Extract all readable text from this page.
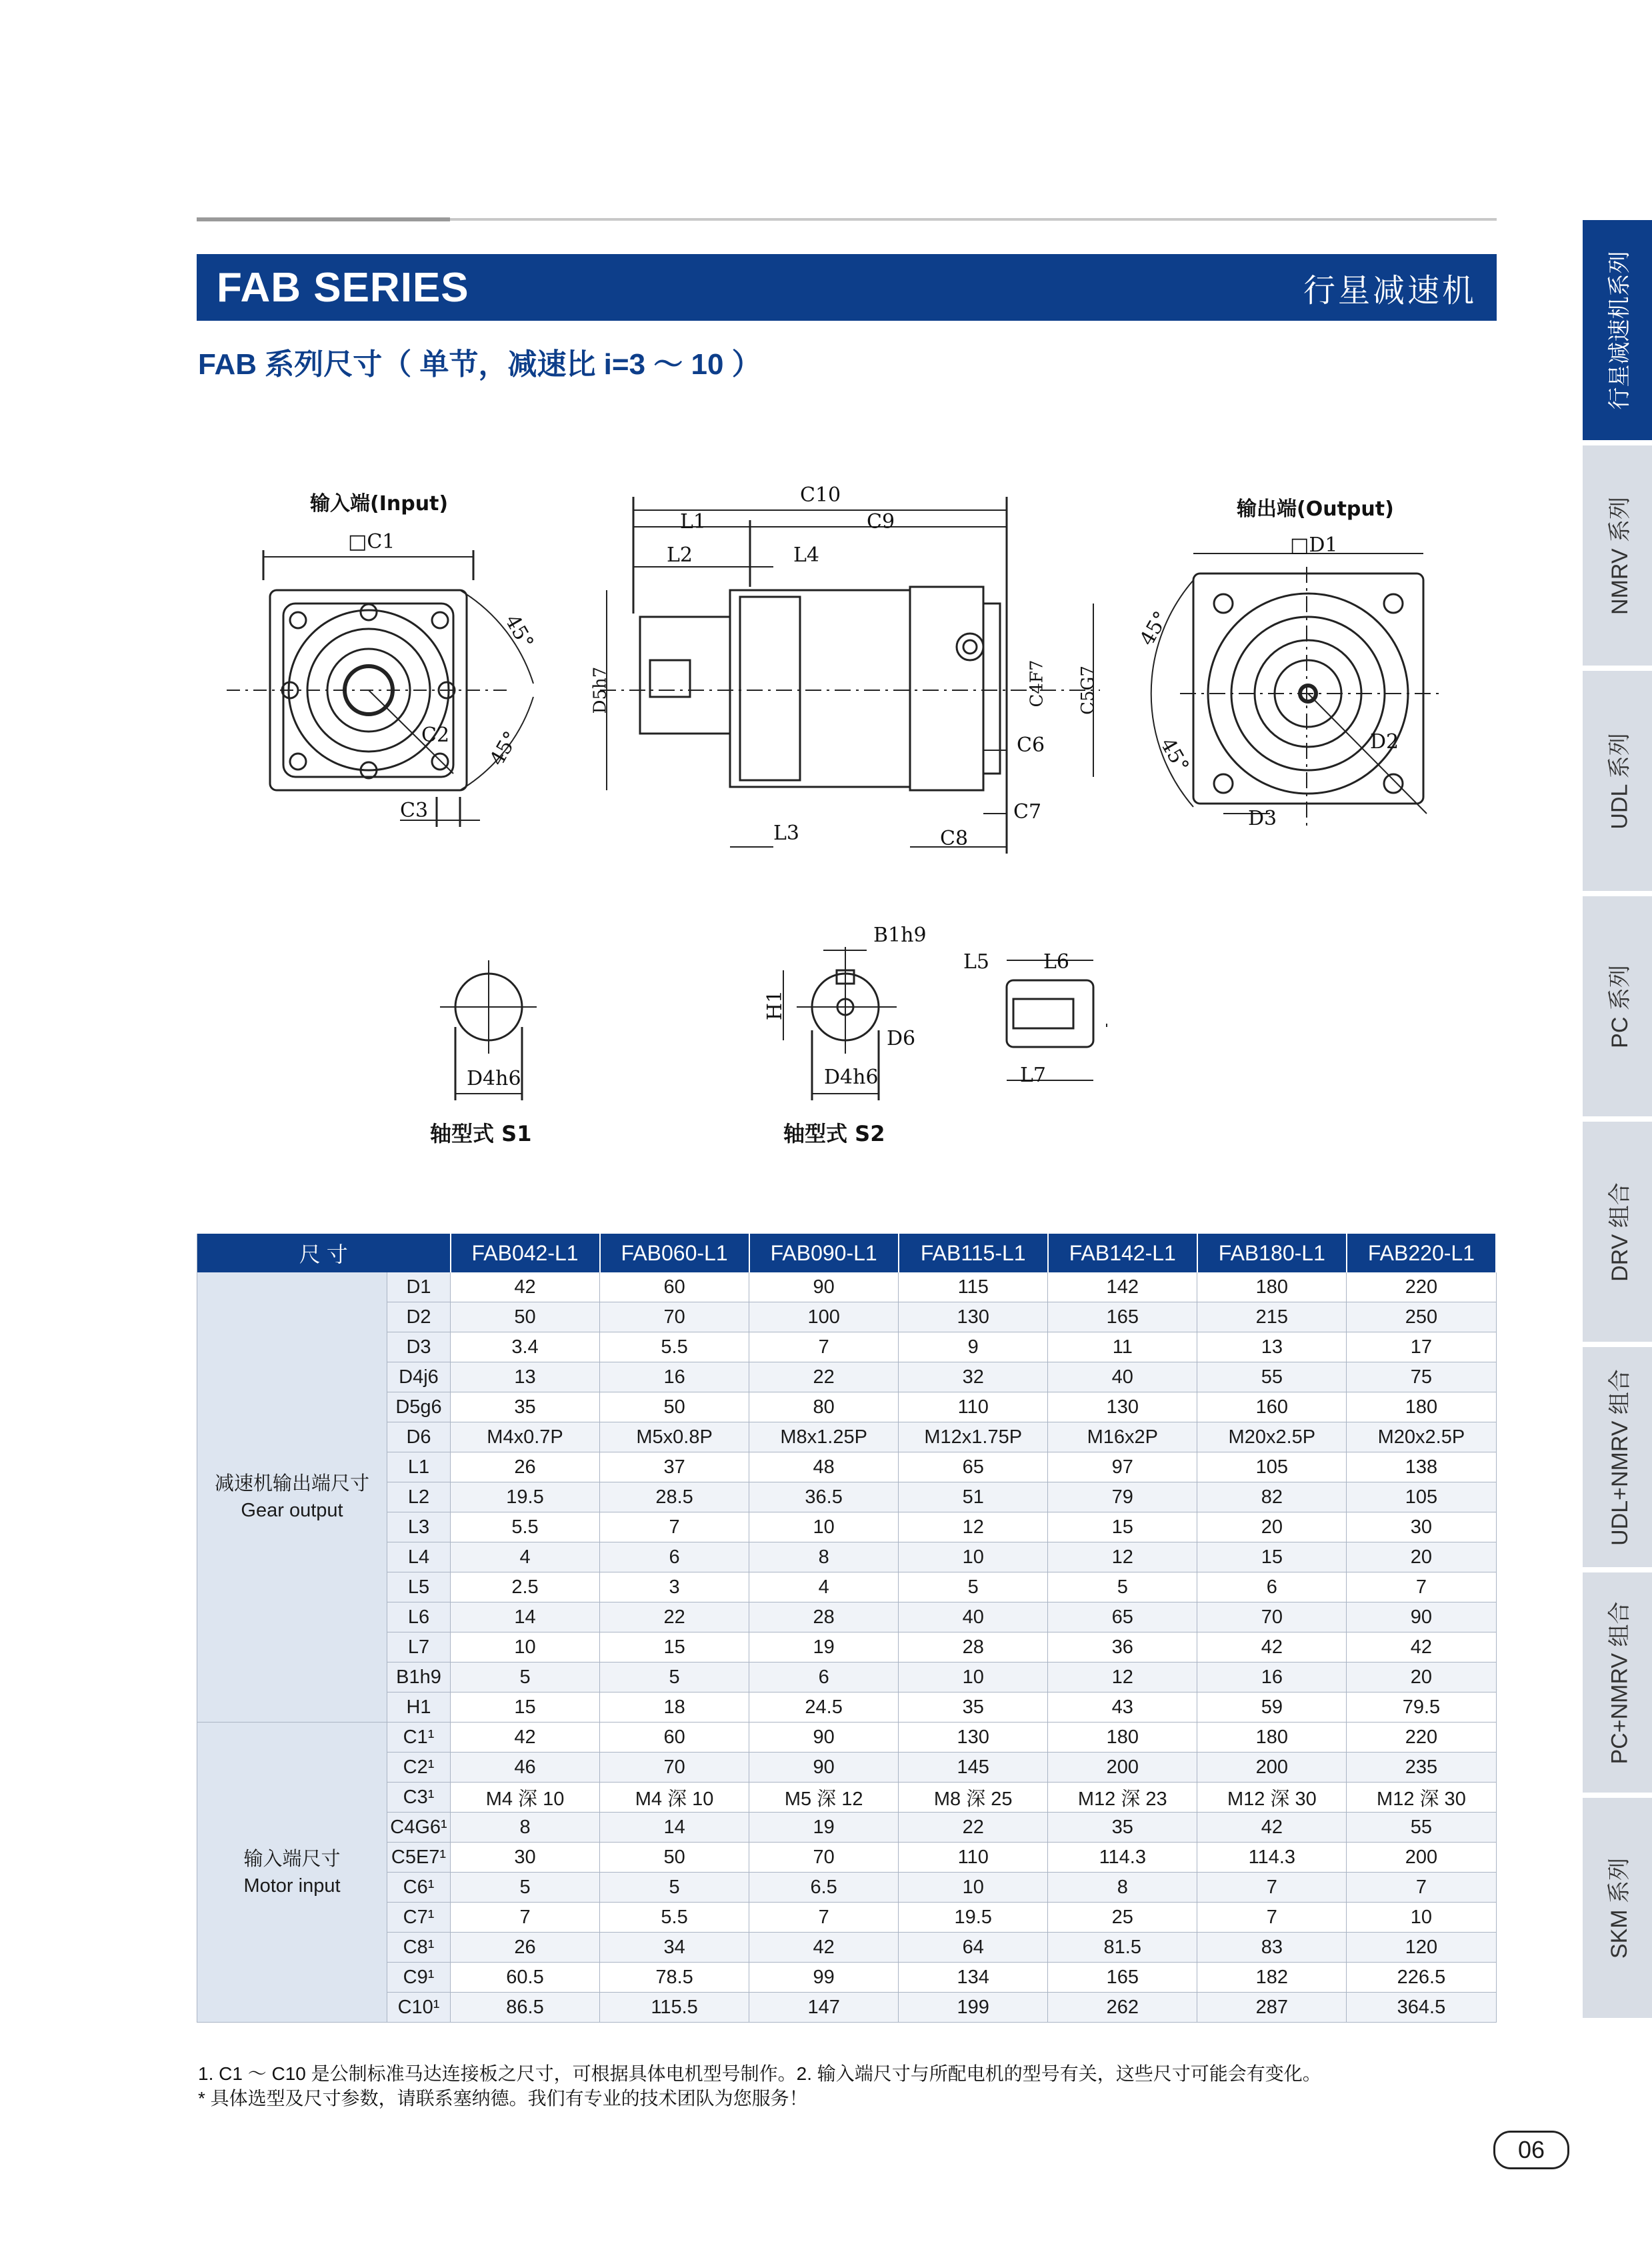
FAB SERIES	行星减速机
FAB 系列尺寸（ 单节，减速比 i=3 ～ 10 ）	行星减速机系列
NMRV 系列
UDL 系列
PC 系列
DRV 组合
UDL+NMRV 组合
PC+NMRV 组合
SKM 系列
输入端(Input)	输出端(Output)
□C1	□D1
C10
C9
L1
L2	L4
L3	C8
C7
C6
C4F7 C5G7
D5h7
C2
C3
D2
D3
45°
45°
45°
45°
B1h9
H1
D6
D4h6	D4h6
L5	L6
L7
轴型式 S1	轴型式 S2
尺 寸		FAB042-L1	FAB060-L1	FAB090-L1	FAB115-L1	FAB142-L1	FAB180-L1	FAB220-L1

减速机输出端尺寸
Gear output	D1	42	60	90	115	142	180	220
	D2	50	70	100	130	165	215	250
	D3	3.4	5.5	7	9	11	13	17
	D4j6	13	16	22	32	40	55	75
	D5g6	35	50	80	110	130	160	180
	D6	M4x0.7P	M5x0.8P	M8x1.25P	M12x1.75P	M16x2P	M20x2.5P	M20x2.5P
	L1	26	37	48	65	97	105	138
	L2	19.5	28.5	36.5	51	79	82	105
	L3	5.5	7	10	12	15	20	30
	L4	4	6	8	10	12	15	20
	L5	2.5	3	4	5	5	6	7
	L6	14	22	28	40	65	70	90
	L7	10	15	19	28	36	42	42
	B1h9	5	5	6	10	12	16	20
	H1	15	18	24.5	35	43	59	79.5

输入端尺寸
Motor input	C1¹	42	60	90	130	180	180	220
	C2¹	46	70	90	145	200	200	235
	C3¹	M4 深 10	M4 深 10	M5 深 12	M8 深 25	M12 深 23	M12 深 30	M12 深 30
	C4G6¹	8	14	19	22	35	42	55
	C5E7¹	30	50	70	110	114.3	114.3	200
	C6¹	5	5	6.5	10	8	7	7
	C7¹	7	5.5	7	19.5	25	7	10
	C8¹	26	34	42	64	81.5	83	120
	C9¹	60.5	78.5	99	134	165	182	226.5
	C10¹	86.5	115.5	147	199	262	287	364.5
1. C1 ～ C10 是公制标准马达连接板之尺寸，可根据具体电机型号制作。2. 输入端尺寸与所配电机的型号有关，这些尺寸可能会有变化。
* 具体选型及尺寸参数，请联系塞纳德。我们有专业的技术团队为您服务！
06
